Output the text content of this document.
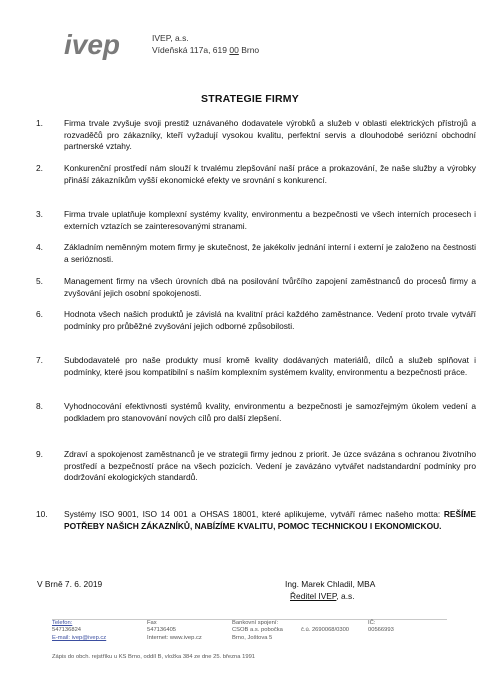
ivep	IVEP, a.s.
Vídeňská 117a, 619 00 Brno
STRATEGIE FIRMY
1.	Firma trvale zvyšuje svoji prestiž uznávaného dodavatele výrobků a služeb v oblasti elektrických přístrojů a rozvaděčů pro zákazníky, kteří vyžadují vysokou kvalitu, perfektní servis a dlouhodobé seriózní obchodní partnerské vztahy.
2.	Konkurenční prostředí nám slouží k trvalému zlepšování naší práce a prokazování, že naše služby a výrobky přináší zákazníkům vyšší ekonomické efekty ve srovnání s konkurencí.
3.	Firma trvale uplatňuje komplexní systémy kvality, environmentu a bezpečnosti ve všech interních procesech i externích vztazích se zainteresovanými stranami.
4.	Základním neměnným motem firmy je skutečnost, že jakékoliv jednání interní i externí je založeno na čestnosti a serióznosti.
5.	Management firmy na všech úrovních dbá na posilování tvůrčího zapojení zaměstnanců do procesů firmy a zvyšování jejich osobní spokojenosti.
6.	Hodnota všech našich produktů je závislá na kvalitní práci každého zaměstnance. Vedení proto trvale vytváří podmínky pro průběžné zvyšování jejich odborné způsobilosti.
7.	Subdodavatelé pro naše produkty musí kromě kvality dodávaných materiálů, dílců a služeb splňovat i podmínky, které jsou kompatibilní s naším komplexním systémem kvality, environmentu a bezpečnosti práce.
8.	Vyhodnocování efektivnosti systémů kvality, environmentu a bezpečnosti je samozřejmým úkolem vedení a podkladem pro stanovování nových cílů pro další zlepšení.
9.	Zdraví a spokojenost zaměstnanců je ve strategii firmy jednou z priorit. Je úzce svázána s ochranou životního prostředí a bezpečností práce na všech pozicích. Vedení je zavázáno vytvářet nadstandardní podmínky pro dodržování ekologických standardů.
10.	Systémy ISO 9001, ISO 14 001 a OHSAS 18001, které aplikujeme, vytváří rámec našeho motta: REŠÍME POTŘEBY NAŠICH ZÁKAZNÍKŮ, NABÍZÍME KVALITU, POMOC TECHNICKOU I EKONOMICKOU.
V Brně 7. 6. 2019	Ing. Marek Chladil, MBA
Ředitel IVEP, a.s.
Telefon:
547136824
E-mail: ivep@ivep.cz
Fax
547136405
Internet: www.ivep.cz
Bankovní spojení:
CSOB a.s. pobočka
Brno, Joštova 5
č.ú. 2690068/0300
IČ:
00566993
Zápis do obch. rejstříku u KS Brno, oddíl B, vložka 384 ze dne 25. března 1991
